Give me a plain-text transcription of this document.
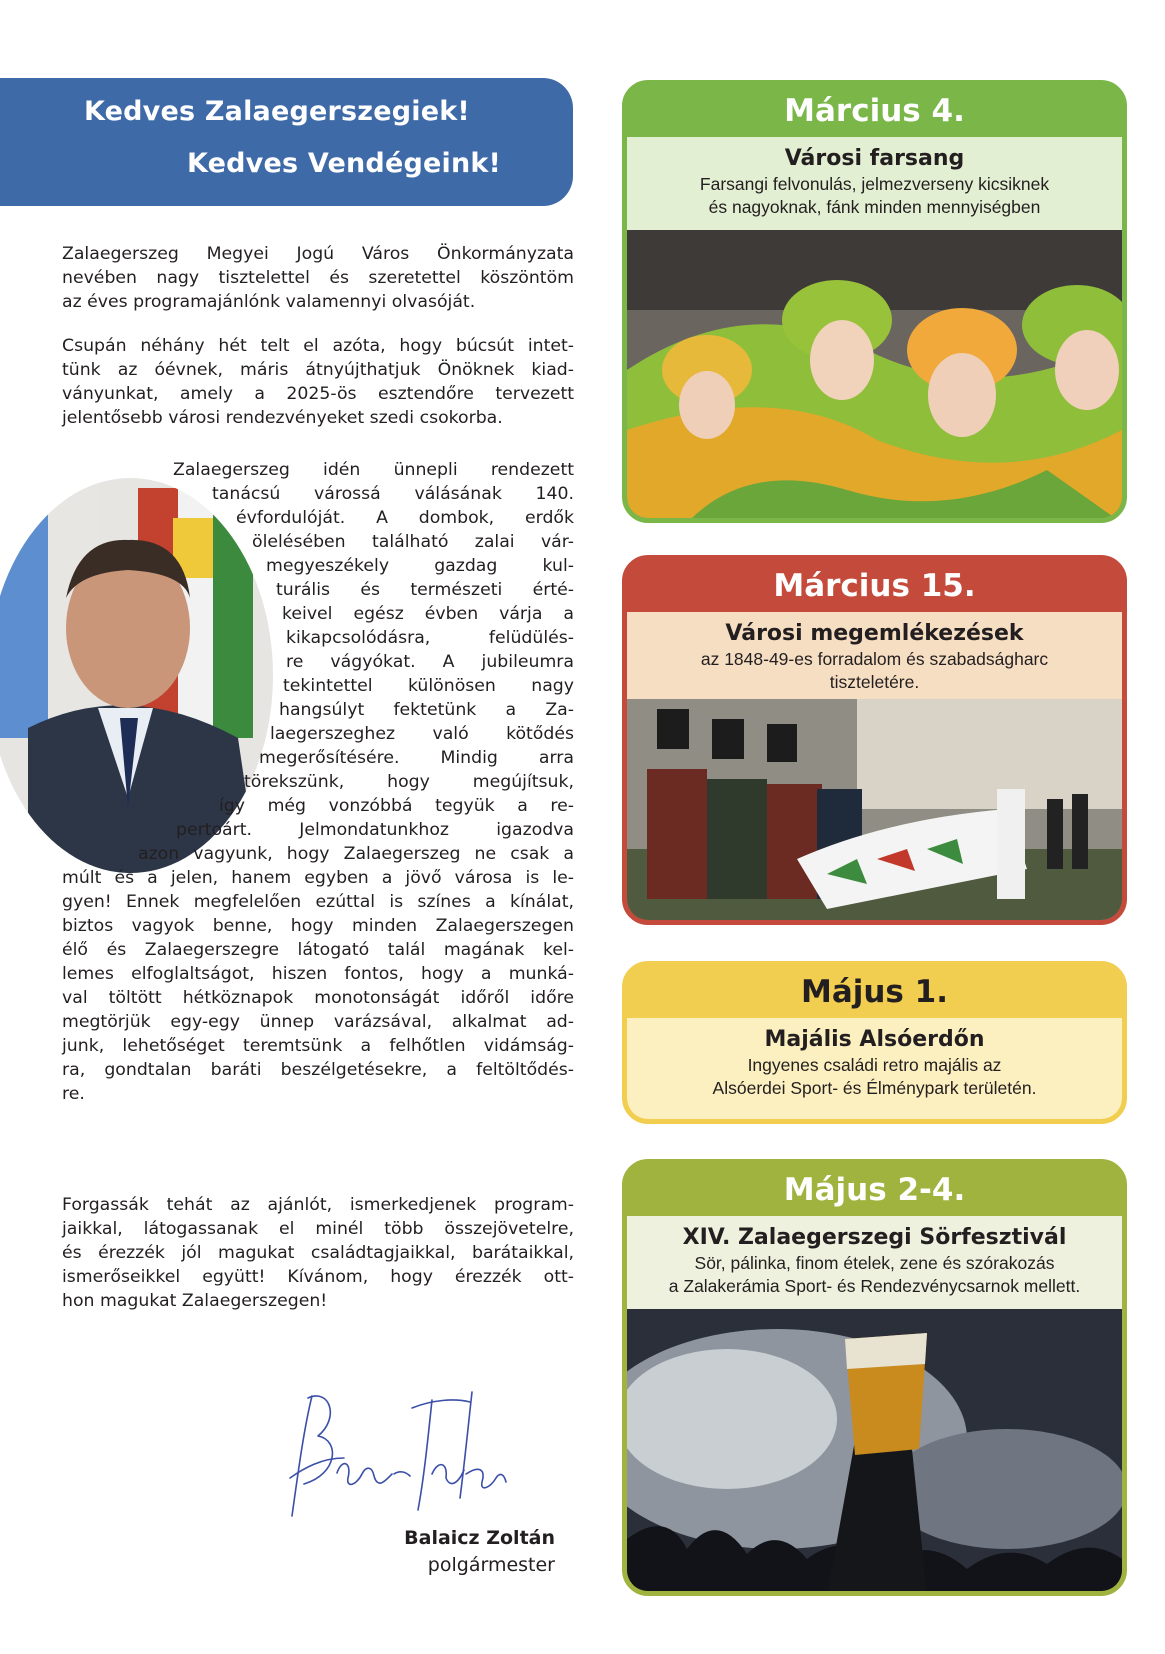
Kedves Zalaegerszegiek!
Kedves Vendégeink!
Zalaegerszeg Megyei Jogú Város Önkormányzata
nevében nagy tisztelettel és szeretettel köszöntöm
az éves programajánlónk valamennyi olvasóját.
Csupán néhány hét telt el azóta, hogy búcsút intet-
tünk az óévnek, máris átnyújthatjuk Önöknek kiad-
ványunkat, amely a 2025-ös esztendőre tervezett
jelentősebb városi rendezvényeket szedi csokorba.
Zalaegerszeg idén ünnepli rendezett
tanácsú várossá válásának 140.
évfordulóját. A dombok, erdők
ölelésében található zalai vár-
megyeszékely gazdag kul-
turális és természeti érté-
keivel egész évben várja a
kikapcsolódásra, felüdülés-
re vágyókat. A jubileumra
tekintettel különösen nagy
hangsúlyt fektetünk a Za-
laegerszeghez való kötődés
megerősítésére. Mindig arra
törekszünk, hogy megújítsuk,
így még vonzóbbá tegyük a re-
pertoárt. Jelmondatunkhoz igazodva
azon vagyunk, hogy Zalaegerszeg ne csak a
múlt és a jelen, hanem egyben a jövő városa is le-
gyen! Ennek megfelelően ezúttal is színes a kínálat,
biztos vagyok benne, hogy minden Zalaegerszegen
élő és Zalaegerszegre látogató talál magának kel-
lemes elfoglaltságot, hiszen fontos, hogy a munká-
val töltött hétköznapok monotonságát időről időre
megtörjük egy-egy ünnep varázsával, alkalmat ad-
junk, lehetőséget teremtsünk a felhőtlen vidámság-
ra, gondtalan baráti beszélgetésekre, a feltöltődés-
re.
Forgassák tehát az ajánlót, ismerkedjenek program-
jaikkal, látogassanak el minél több összejövetelre,
és érezzék jól magukat családtagjaikkal, barátaikkal,
ismerőseikkel együtt! Kívánom, hogy érezzék ott-
hon magukat Zalaegerszegen!
Balaicz Zoltán
polgármester
Március 4.
Városi farsang
Farsangi felvonulás, jelmezverseny kicsiknek
és nagyoknak, fánk minden mennyiségben
Március 15.
Városi megemlékezések
az 1848-49-es forradalom és szabadságharc
tiszteletére.
Május 1.
Majális Alsóerdőn
Ingyenes családi retro majális az
Alsóerdei Sport- és Élménypark területén.
Május 2-4.
XIV. Zalaegerszegi Sörfesztivál
Sör, pálinka, finom ételek, zene és szórakozás
a Zalakerámia Sport- és Rendezvénycsarnok mellett.
